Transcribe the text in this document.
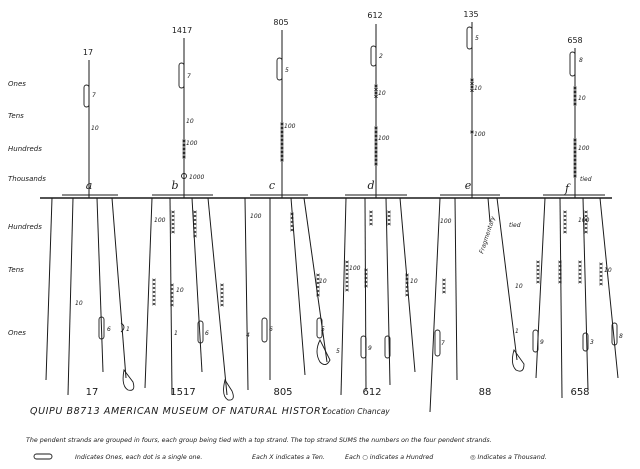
Ones
Tens
Hundreds
Thousands
Hundreds
Tens
Ones
17
7
10
a
10
6	1
17
1417
7
10
100
1000
b
100
10
1	6
1517
805
5
100
c
100
10
6	5
4
805
612
2
10
100
d
100
10
9
5
612
135
5
10
100
e
Fragmentary tied
100
10
7
1
88
658
8
10
100
tied
f
100
10
9	3
8
658
QUIPU B8713 AMERICAN MUSEUM OF NATURAL HISTORY
Location Chancay
The pendent strands are grouped in fours, each group being tied with a top strand. The top strand SUMS the numbers on the four pendent strands.
Indicates Ones, each dot is a single one.	Each X indicates a Ten.	Each ○ indicates a Hundred	◎ Indicates a Thousand.
